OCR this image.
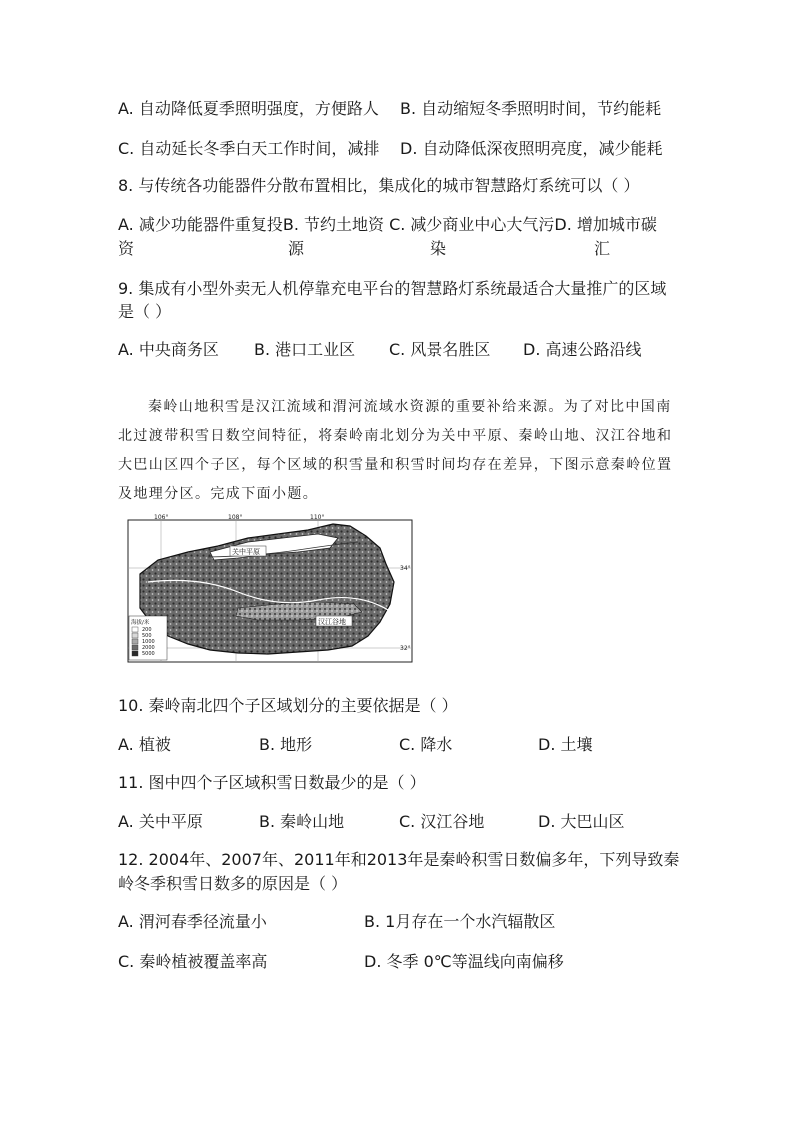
A. 自动降低夏季照明强度，方便路人 B. 自动缩短冬季照明时间，节约能耗
C. 自动延长冬季白天工作时间，减排 D. 自动降低深夜照明亮度，减少能耗
8. 与传统各功能器件分散布置相比，集成化的城市智慧路灯系统可以（ ）
A. 减少功能器件重复投B. 节约土地资 C. 减少商业中心大气污D. 增加城市碳
资	源	染	汇
9. 集成有小型外卖无人机停靠充电平台的智慧路灯系统最适合大量推广的区域
是（ ）
A. 中央商务区 B. 港口工业区 C. 风景名胜区 D. 高速公路沿线

秦岭山地积雪是汉江流域和渭河流域水资源的重要补给来源。为了对比中国南北过渡带积雪日数空间特征，将秦岭南北划分为关中平原、秦岭山地、汉江谷地和大巴山区四个子区，每个区域的积雪量和积雪时间均存在差异，下图示意秦岭位置及地理分区。完成下面小题。

106°	108°	110°
34°
32°
关中平原
汉江谷地
海拔/米
200
500
1000
2000
5000
10. 秦岭南北四个子区域划分的主要依据是（ ）
A. 植被	B. 地形	C. 降水	D. 土壤
11. 图中四个子区域积雪日数最少的是（ ）
A. 关中平原	B. 秦岭山地	C. 汉江谷地	D. 大巴山区
12. 2004年、2007年、2011年和2013年是秦岭积雪日数偏多年，下列导致秦
岭冬季积雪日数多的原因是（ ）
A. 渭河春季径流量小	B. 1月存在一个水汽辐散区
C. 秦岭植被覆盖率高	D. 冬季 0℃等温线向南偏移
